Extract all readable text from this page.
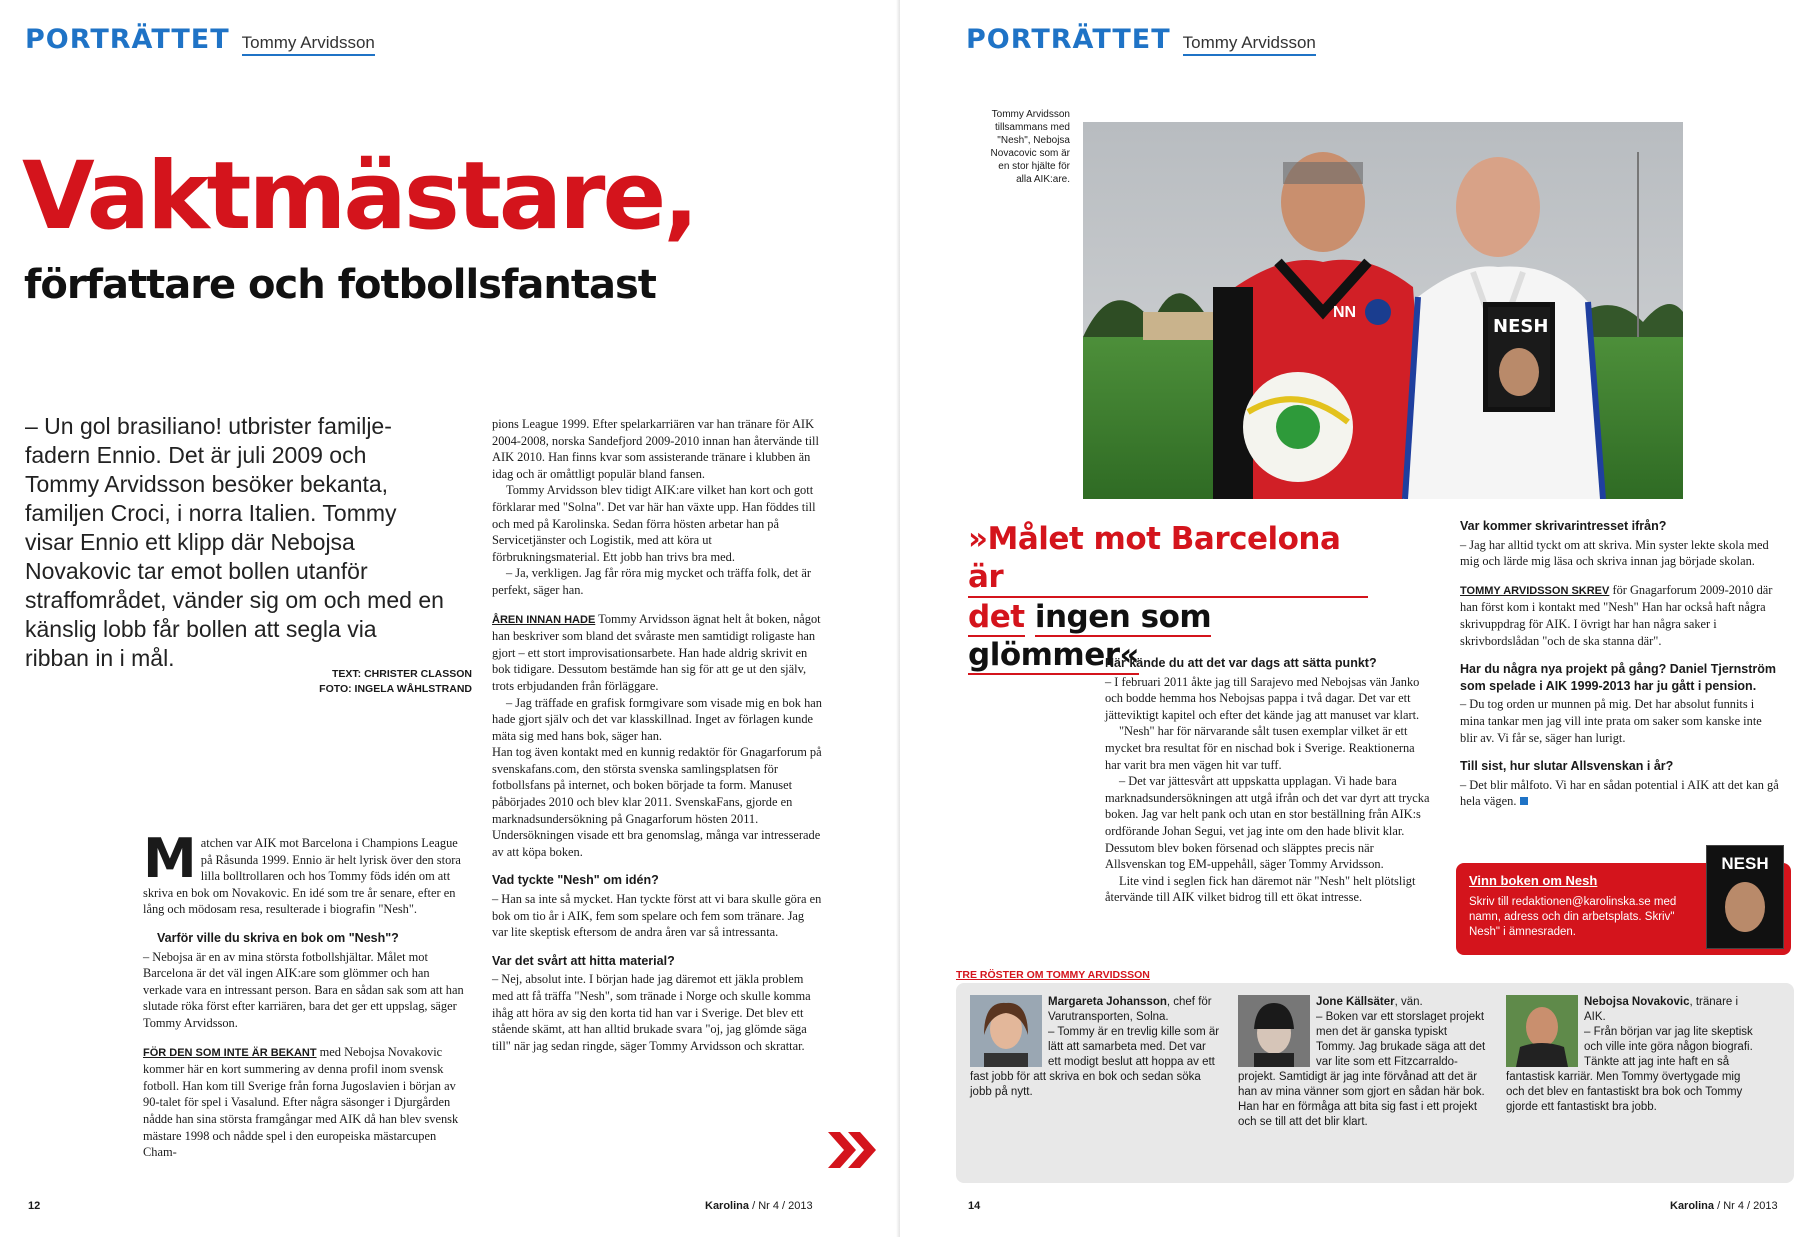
PORTRÄTTET Tommy Arvidsson
Vaktmästare,
författare och fotbollsfantast
– Un gol brasiliano! utbrister familje-fadern Ennio. Det är juli 2009 och Tommy Arvidsson besöker bekanta, familjen Croci, i norra Italien. Tommy visar Ennio ett klipp där Nebojsa Novakovic tar emot bollen utanför straffområdet, vänder sig om och med en känslig lobb får bollen att segla via ribban in i mål.
TEXT: CHRISTER CLASSON
FOTO: INGELA WÅHLSTRAND

Matchen var AIK mot Barcelona i Champions League på Råsunda 1999. Ennio är helt lyrisk över den stora lilla bolltrollaren och hos Tommy föds idén om att skriva en bok om Novakovic. En idé som tre år senare, efter en lång och mödosam resa, resulterade i biografin "Nesh".

Varför ville du skriva en bok om "Nesh"?

– Nebojsa är en av mina största fotbollshjältar. Målet mot Barcelona är det väl ingen AIK:are som glömmer och han verkade vara en intressant person. Bara en sådan sak som att han slutade röka först efter karriären, bara det ger ett uppslag, säger Tommy Arvidsson.

FÖR DEN SOM INTE ÄR BEKANT med Nebojsa Novakovic kommer här en kort summering av denna profil inom svensk fotboll. Han kom till Sverige från forna Jugoslavien i början av 90-talet för spel i Vasalund. Efter några säsonger i Djurgården nådde han sina största framgångar med AIK då han blev svensk mästare 1998 och nådde spel i den europeiska mästarcupen Cham-

pions League 1999. Efter spelarkarriären var han tränare för AIK 2004-2008, norska Sandefjord 2009-2010 innan han återvände till AIK 2010. Han finns kvar som assisterande tränare i klubben än idag och är omåttligt populär bland fansen.

Tommy Arvidsson blev tidigt AIK:are vilket han kort och gott förklarar med "Solna". Det var här han växte upp. Han föddes till och med på Karolinska. Sedan förra hösten arbetar han på Servicetjänster och Logistik, med att köra ut förbrukningsmaterial. Ett jobb han trivs bra med.

– Ja, verkligen. Jag får röra mig mycket och träffa folk, det är perfekt, säger han.

ÅREN INNAN HADE Tommy Arvidsson ägnat helt åt boken, något han beskriver som bland det svåraste men samtidigt roligaste han gjort – ett stort improvisationsarbete. Han hade aldrig skrivit en bok tidigare. Dessutom bestämde han sig för att ge ut den själv, trots erbjudanden från förläggare.

– Jag träffade en grafisk formgivare som visade mig en bok han hade gjort själv och det var klasskillnad. Inget av förlagen kunde mäta sig med hans bok, säger han.

Han tog även kontakt med en kunnig redaktör för Gnagarforum på svenskafans.com, den största svenska samlingsplatsen för fotbollsfans på internet, och boken började ta form. Manuset påbörjades 2010 och blev klar 2011. SvenskaFans, gjorde en marknadsundersökning på Gnagarforum hösten 2011. Undersökningen visade ett bra genomslag, många var intresserade av att köpa boken.

Vad tyckte "Nesh" om idén?

– Han sa inte så mycket. Han tyckte först att vi bara skulle göra en bok om tio år i AIK, fem som spelare och fem som tränare. Jag var lite skeptisk eftersom de andra åren var så intressanta.

Var det svårt att hitta material?

– Nej, absolut inte. I början hade jag däremot ett jäkla problem med att få träffa "Nesh", som tränade i Norge och skulle komma ihåg att höra av sig den korta tid han var i Sverige. Det blev ett stående skämt, att han alltid brukade svara "oj, jag glömde säga till" när jag sedan ringde, säger Tommy Arvidsson och skrattar.

12	Karolina / Nr 4 / 2013
PORTRÄTTET Tommy Arvidsson
Tommy Arvidsson tillsammans med "Nesh", Nebojsa Novacovic som är en stor hjälte för alla AIK:are.
NN
NESH
»Målet mot Barcelona är
det ingen som glömmer«

När kände du att det var dags att sätta punkt?

– I februari 2011 åkte jag till Sarajevo med Nebojsas vän Janko och bodde hemma hos Nebojsas pappa i två dagar. Det var ett jätteviktigt kapitel och efter det kände jag att manuset var klart.

"Nesh" har för närvarande sålt tusen exemplar vilket är ett mycket bra resultat för en nischad bok i Sverige. Reaktionerna har varit bra men vägen hit var tuff.

– Det var jättesvårt att uppskatta upplagan. Vi hade bara marknadsundersökningen att utgå ifrån och det var dyrt att trycka boken. Jag var helt pank och utan en stor beställning från AIK:s ordförande Johan Segui, vet jag inte om den hade blivit klar. Dessutom blev boken försenad och släpptes precis när Allsvenskan tog EM-uppehåll, säger Tommy Arvidsson.

Lite vind i seglen fick han däremot när "Nesh" helt plötsligt återvände till AIK vilket bidrog till ett ökat intresse.

Var kommer skrivarintresset ifrån?

– Jag har alltid tyckt om att skriva. Min syster lekte skola med mig och lärde mig läsa och skriva innan jag började skolan.

TOMMY ARVIDSSON SKREV för Gnagarforum 2009-2010 där han först kom i kontakt med "Nesh" Han har också haft några skrivuppdrag för AIK. I övrigt har han några saker i skrivbordslådan "och de ska stanna där".

Har du några nya projekt på gång? Daniel Tjernström som spelade i AIK 1999-2013 har ju gått i pension.

– Du tog orden ur munnen på mig. Det har absolut funnits i mina tankar men jag vill inte prata om saker som kanske inte blir av. Vi får se, säger han lurigt.

Till sist, hur slutar Allsvenskan i år?

– Det blir målfoto. Vi har en sådan potential i AIK att det kan gå hela vägen.

Vinn boken om Nesh
Skriv till redaktionen@karolinska.se med namn, adress och din arbetsplats. Skriv" Nesh" i ämnesraden.
NESH
TRE RÖSTER OM TOMMY ARVIDSSON
Margareta Johansson, chef för Varutransporten, Solna.
– Tommy är en trevlig kille som är lätt att samarbeta med. Det var ett modigt beslut att hoppa av ett fast jobb för att skriva en bok och sedan söka jobb på nytt.
Jone Källsäter, vän.
– Boken var ett storslaget projekt men det är ganska typiskt Tommy. Jag brukade säga att det var lite som ett Fitzcarraldo-projekt. Samtidigt är jag inte förvånad att det är han av mina vänner som gjort en sådan här bok. Han har en förmåga att bita sig fast i ett projekt och se till att det blir klart.
Nebojsa Novakovic, tränare i AIK.
– Från början var jag lite skeptisk och ville inte göra någon biografi. Tänkte att jag inte haft en så fantastisk karriär. Men Tommy övertygade mig och det blev en fantastiskt bra bok och Tommy gjorde ett fantastiskt bra jobb.
14	Karolina / Nr 4 / 2013
